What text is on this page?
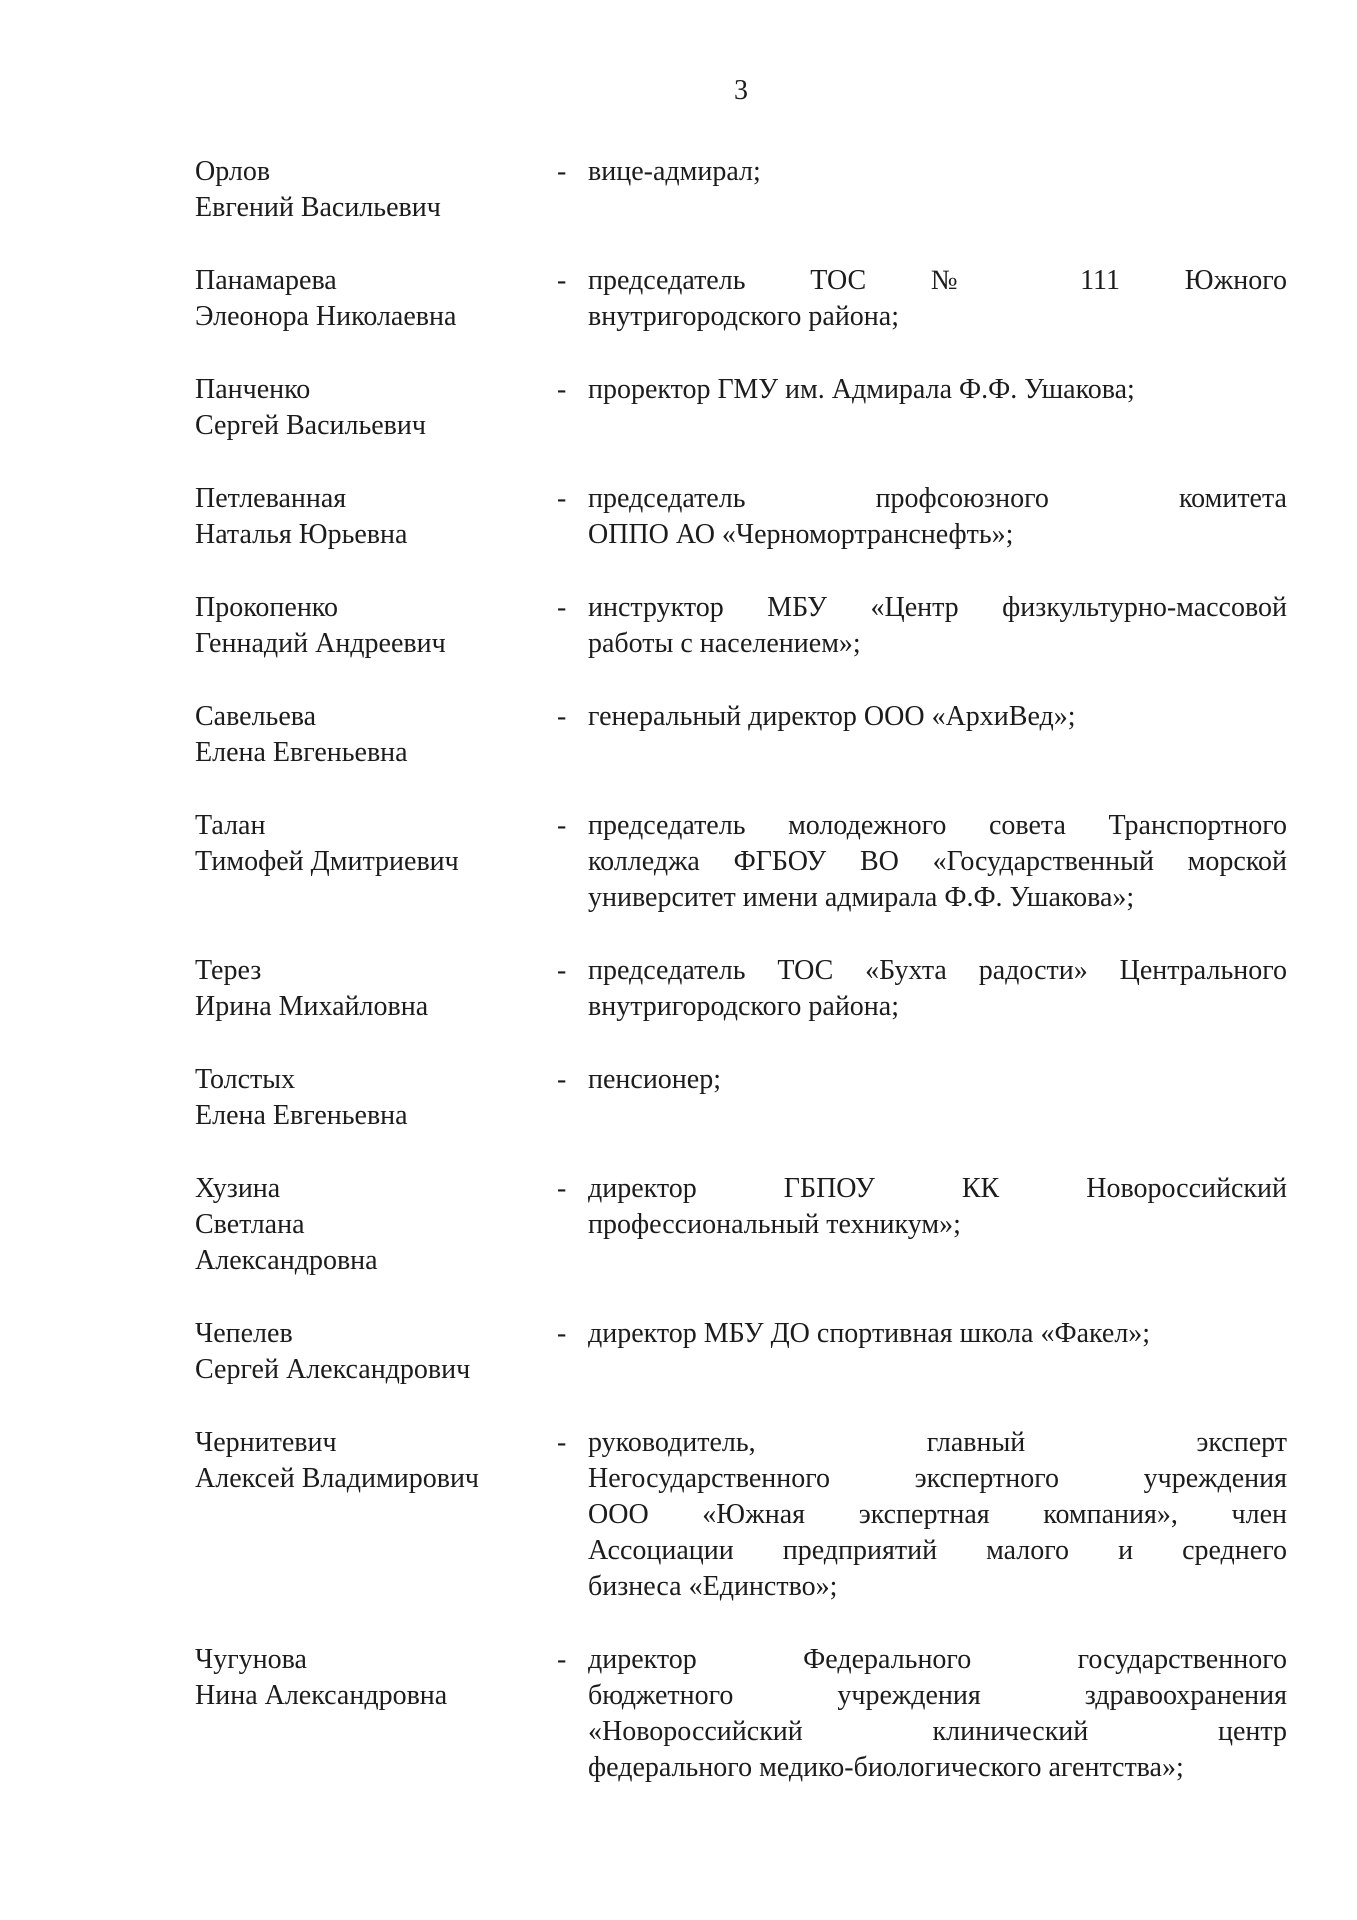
3
Орлов
Евгений Васильевич
- вице-адмирал;
Панамарева
Элеонора Николаевна
- председатель ТОС № 111 Южного
внутригородского района;
Панченко
Сергей Васильевич
- проректор ГМУ им. Адмирала Ф.Ф. Ушакова;
Петлеванная
Наталья Юрьевна
- председатель профсоюзного комитета
ОППО АО «Черномортранснефть»;
Прокопенко
Геннадий Андреевич
- инструктор МБУ «Центр физкультурно-массовой
работы с населением»;
Савельева
Елена Евгеньевна
- генеральный директор ООО «АрхиВед»;
Талан
Тимофей Дмитриевич
- председатель молодежного совета Транспортного
колледжа ФГБОУ ВО «Государственный морской
университет имени адмирала Ф.Ф. Ушакова»;
Терез
Ирина Михайловна
- председатель ТОС «Бухта радости» Центрального
внутригородского района;
Толстых
Елена Евгеньевна
- пенсионер;
Хузина
Светлана
Александровна
- директор ГБПОУ КК Новороссийский
профессиональный техникум»;
Чепелев
Сергей Александрович
- директор МБУ ДО спортивная школа «Факел»;
Чернитевич
Алексей Владимирович
- руководитель, главный эксперт
Негосударственного экспертного учреждения
ООО «Южная экспертная компания», член
Ассоциации предприятий малого и среднего
бизнеса «Единство»;
Чугунова
Нина Александровна
- директор Федерального государственного
бюджетного учреждения здравоохранения
«Новороссийский клинический центр
федерального медико-биологического агентства»;
